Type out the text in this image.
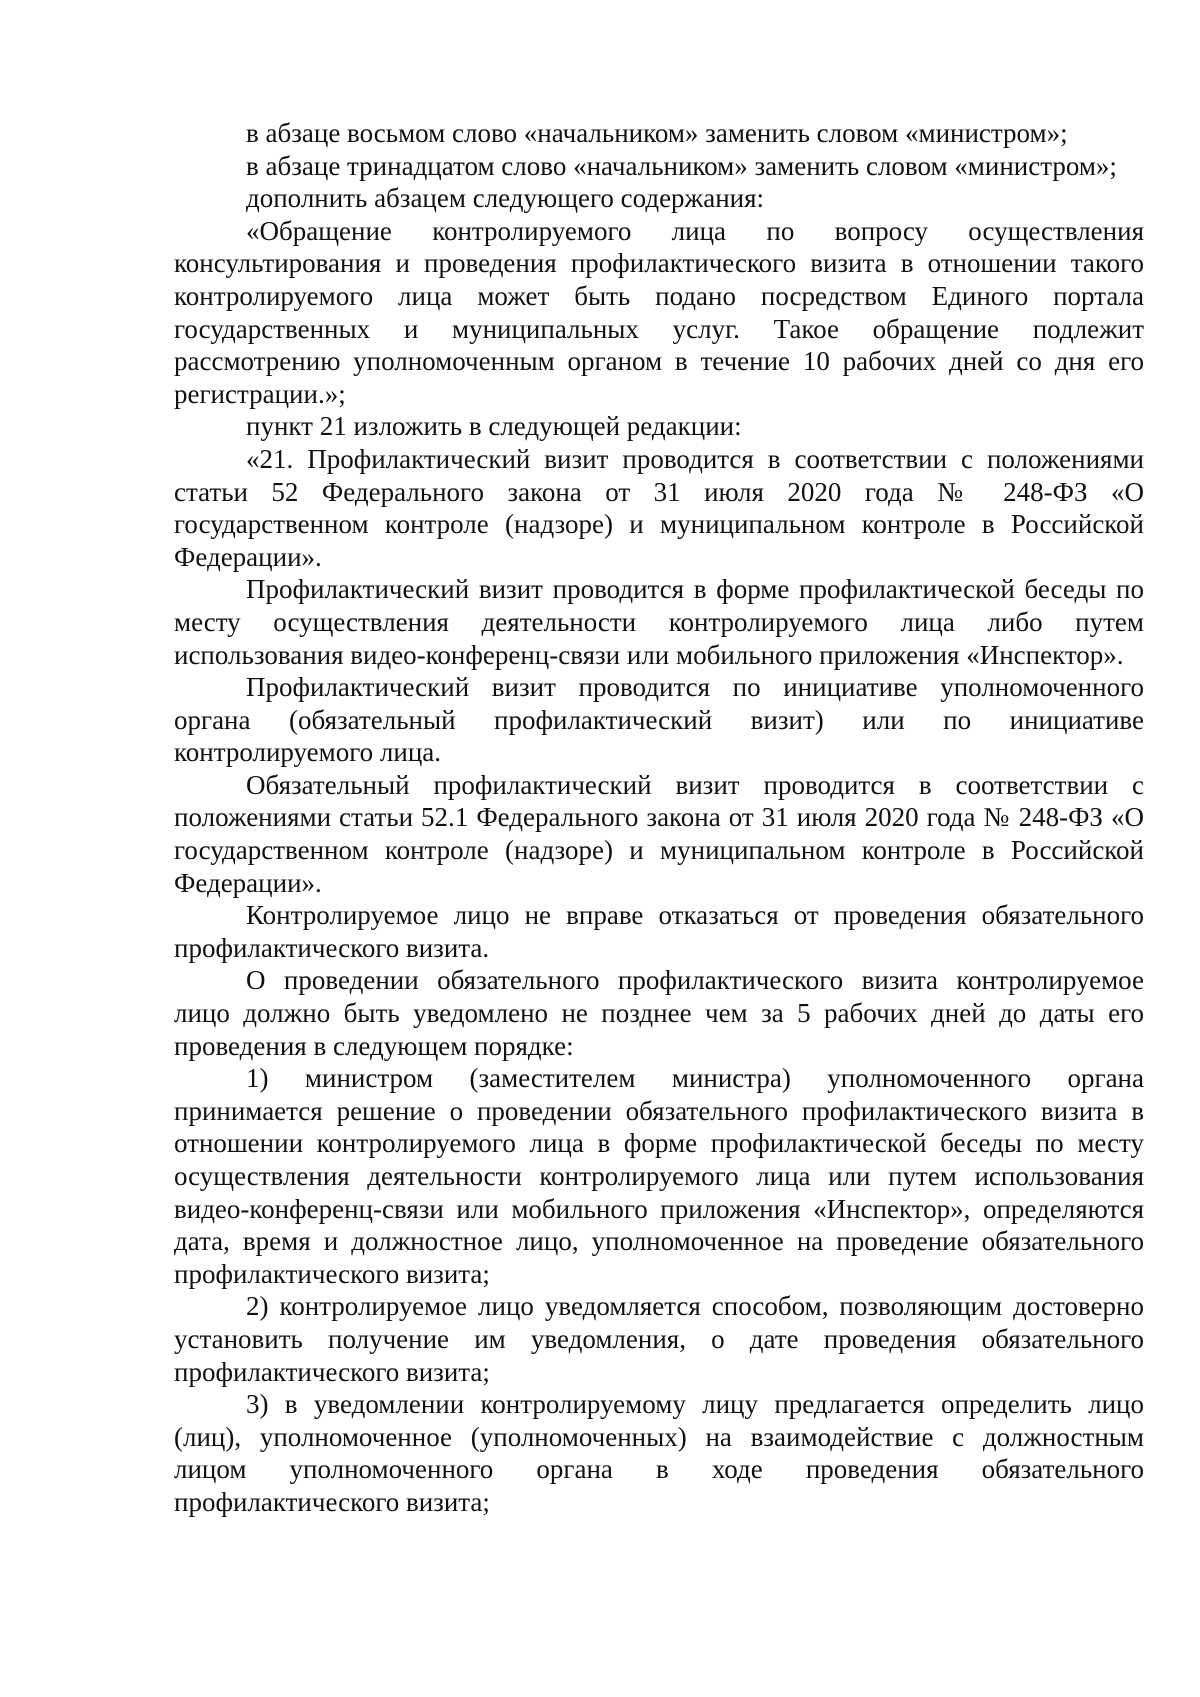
в абзаце восьмом слово «начальником» заменить словом «министром»;

в абзаце тринадцатом слово «начальником» заменить словом «министром»;

дополнить абзацем следующего содержания:

«Обращение контролируемого лица по вопросу осуществления консультирования и проведения профилактического визита в отношении такого контролируемого лица может быть подано посредством Единого портала государственных и муниципальных услуг. Такое обращение подлежит рассмотрению уполномоченным органом в течение 10 рабочих дней со дня его регистрации.»;

пункт 21 изложить в следующей редакции:

«21. Профилактический визит проводится в соответствии с положениями статьи 52 Федерального закона от 31 июля 2020 года № 248-ФЗ «О государственном контроле (надзоре) и муниципальном контроле в Российской Федерации».

Профилактический визит проводится в форме профилактической беседы по месту осуществления деятельности контролируемого лица либо путем использования видео-конференц-связи или мобильного приложения «Инспектор».

Профилактический визит проводится по инициативе уполномоченного органа (обязательный профилактический визит) или по инициативе контролируемого лица.

Обязательный профилактический визит проводится в соответствии с положениями статьи 52.1 Федерального закона от 31 июля 2020 года № 248-ФЗ «О государственном контроле (надзоре) и муниципальном контроле в Российской Федерации».

Контролируемое лицо не вправе отказаться от проведения обязательного профилактического визита.

О проведении обязательного профилактического визита контролируемое лицо должно быть уведомлено не позднее чем за 5 рабочих дней до даты его проведения в следующем порядке:

1) министром (заместителем министра) уполномоченного органа принимается решение о проведении обязательного профилактического визита в отношении контролируемого лица в форме профилактической беседы по месту осуществления деятельности контролируемого лица или путем использования видео-конференц-связи или мобильного приложения «Инспектор», определяются дата, время и должностное лицо, уполномоченное на проведение обязательного профилактического визита;

2) контролируемое лицо уведомляется способом, позволяющим достоверно установить получение им уведомления, о дате проведения обязательного профилактического визита;

3) в уведомлении контролируемому лицу предлагается определить лицо (лиц), уполномоченное (уполномоченных) на взаимодействие с должностным лицом уполномоченного органа в ходе проведения обязательного профилактического визита;
